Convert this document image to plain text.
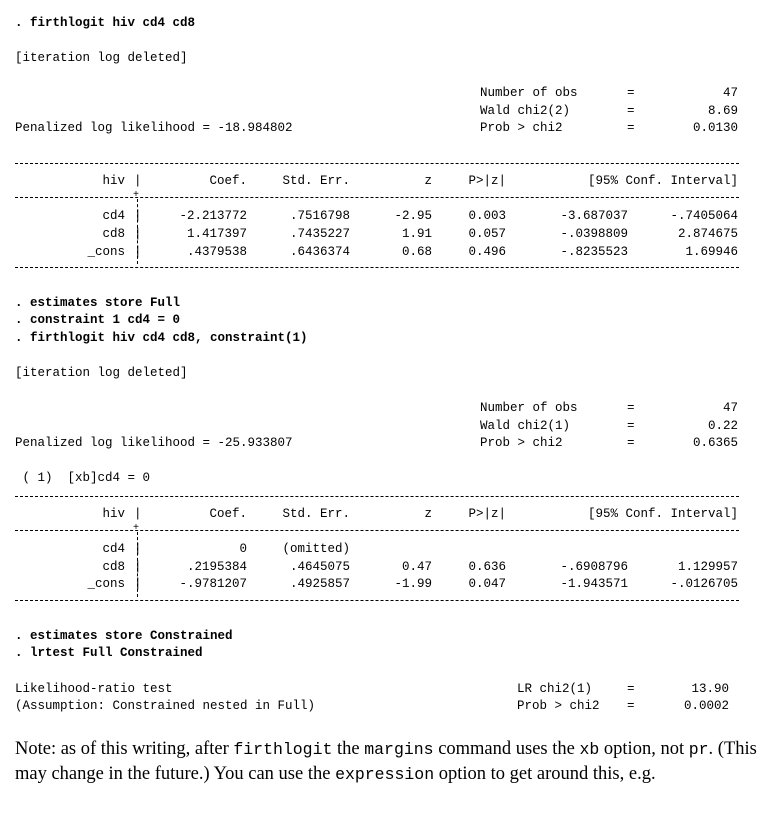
. firthlogit hiv cd4 cd8
[iteration log deleted]
Number of obs	=	47
Wald chi2(2)	=	8.69
Penalized log likelihood = -18.984802	Prob > chi2	=	0.0130
hiv |	Coef.	Std. Err.	z	P>|z|	[95% Conf. Interval]
+
cd4 |	-2.213772	.7516798	-2.95	0.003	-3.687037	-.7405064
cd8 |	1.417397	.7435227	1.91	0.057	-.0398809	2.874675
_cons |	.4379538	.6436374	0.68	0.496	-.8235523	1.69946
. estimates store Full
. constraint 1 cd4 = 0
. firthlogit hiv cd4 cd8, constraint(1)
[iteration log deleted]
Number of obs	=	47
Wald chi2(1)	=	0.22
Penalized log likelihood = -25.933807	Prob > chi2	=	0.6365
( 1)  [xb]cd4 = 0
hiv |	Coef.	Std. Err.	z	P>|z|	[95% Conf. Interval]
+
cd4 |	0	(omitted)
cd8 |	.2195384	.4645075	0.47	0.636	-.6908796	1.129957
_cons |	-.9781207	.4925857	-1.99	0.047	-1.943571	-.0126705
. estimates store Constrained
. lrtest Full Constrained
Likelihood-ratio test	LR chi2(1)	=	13.90
(Assumption: Constrained nested in Full)	Prob > chi2 =	0.0002
Note: as of this writing, after firthlogit the margins command uses the xb option, not pr. (This may change in the future.) You can use the expression option to get around this, e.g.
